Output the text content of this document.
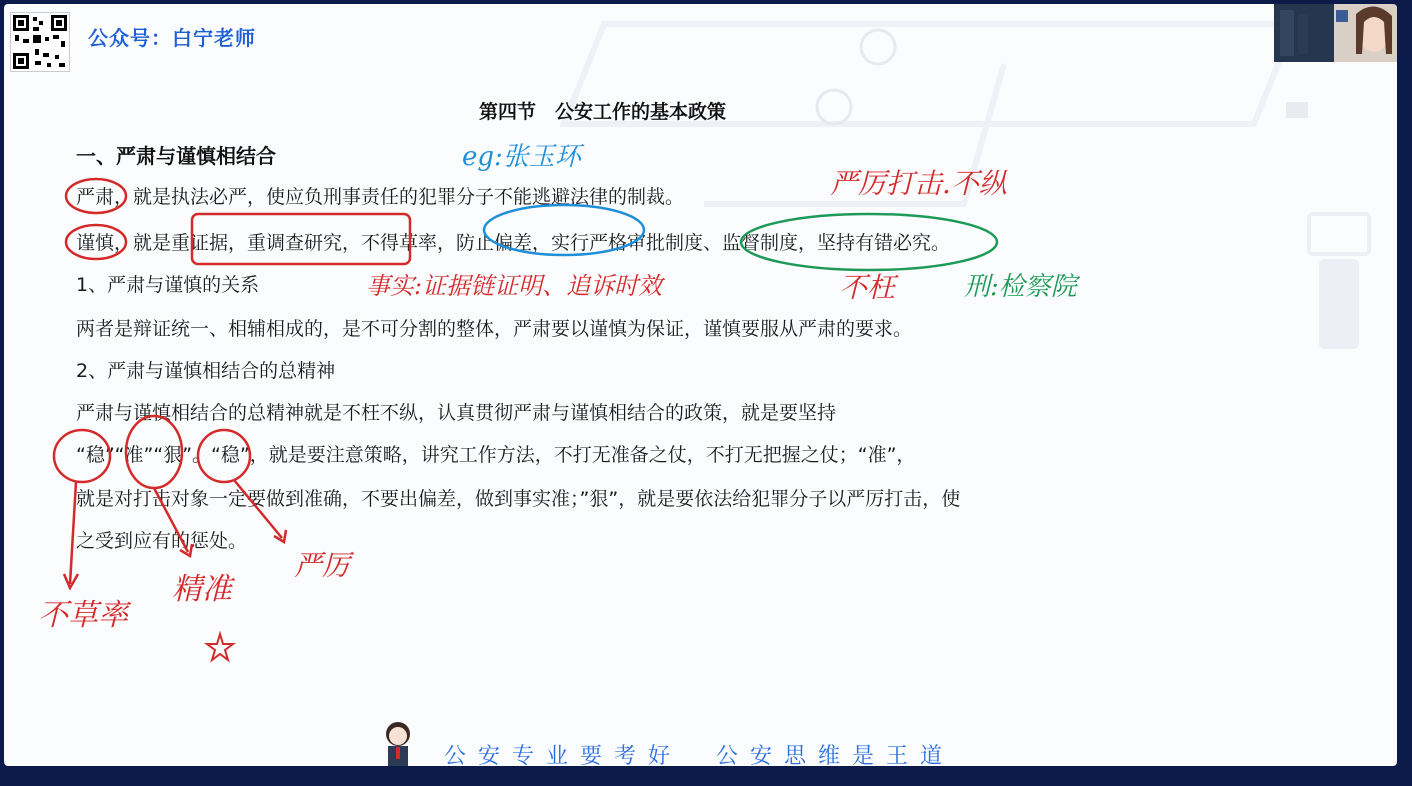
公众号：白宁老师
第四节　公安工作的基本政策
一、严肃与谨慎相结合
严肃，就是执法必严，使应负刑事责任的犯罪分子不能逃避法律的制裁。
谨慎，就是重证据，重调查研究，不得草率，防止偏差，实行严格审批制度、监督制度，坚持有错必究。
1、严肃与谨慎的关系
两者是辩证统一、相辅相成的，是不可分割的整体，严肃要以谨慎为保证，谨慎要服从严肃的要求。
2、严肃与谨慎相结合的总精神
严肃与谨慎相结合的总精神就是不枉不纵，认真贯彻严肃与谨慎相结合的政策，就是要坚持
“稳”“准”“狠”。“稳”，就是要注意策略，讲究工作方法，不打无准备之仗，不打无把握之仗；“准”，
就是对打击对象一定要做到准确，不要出偏差，做到事实准；”狠”，就是要依法给犯罪分子以严厉打击，使
之受到应有的惩处。
eg:张玉环
严厉打击.不纵
事实:证据链证明、追诉时效	不枉	刑:检察院
不草率
精准
严厉
公安专业要考好　公安思维是王道
